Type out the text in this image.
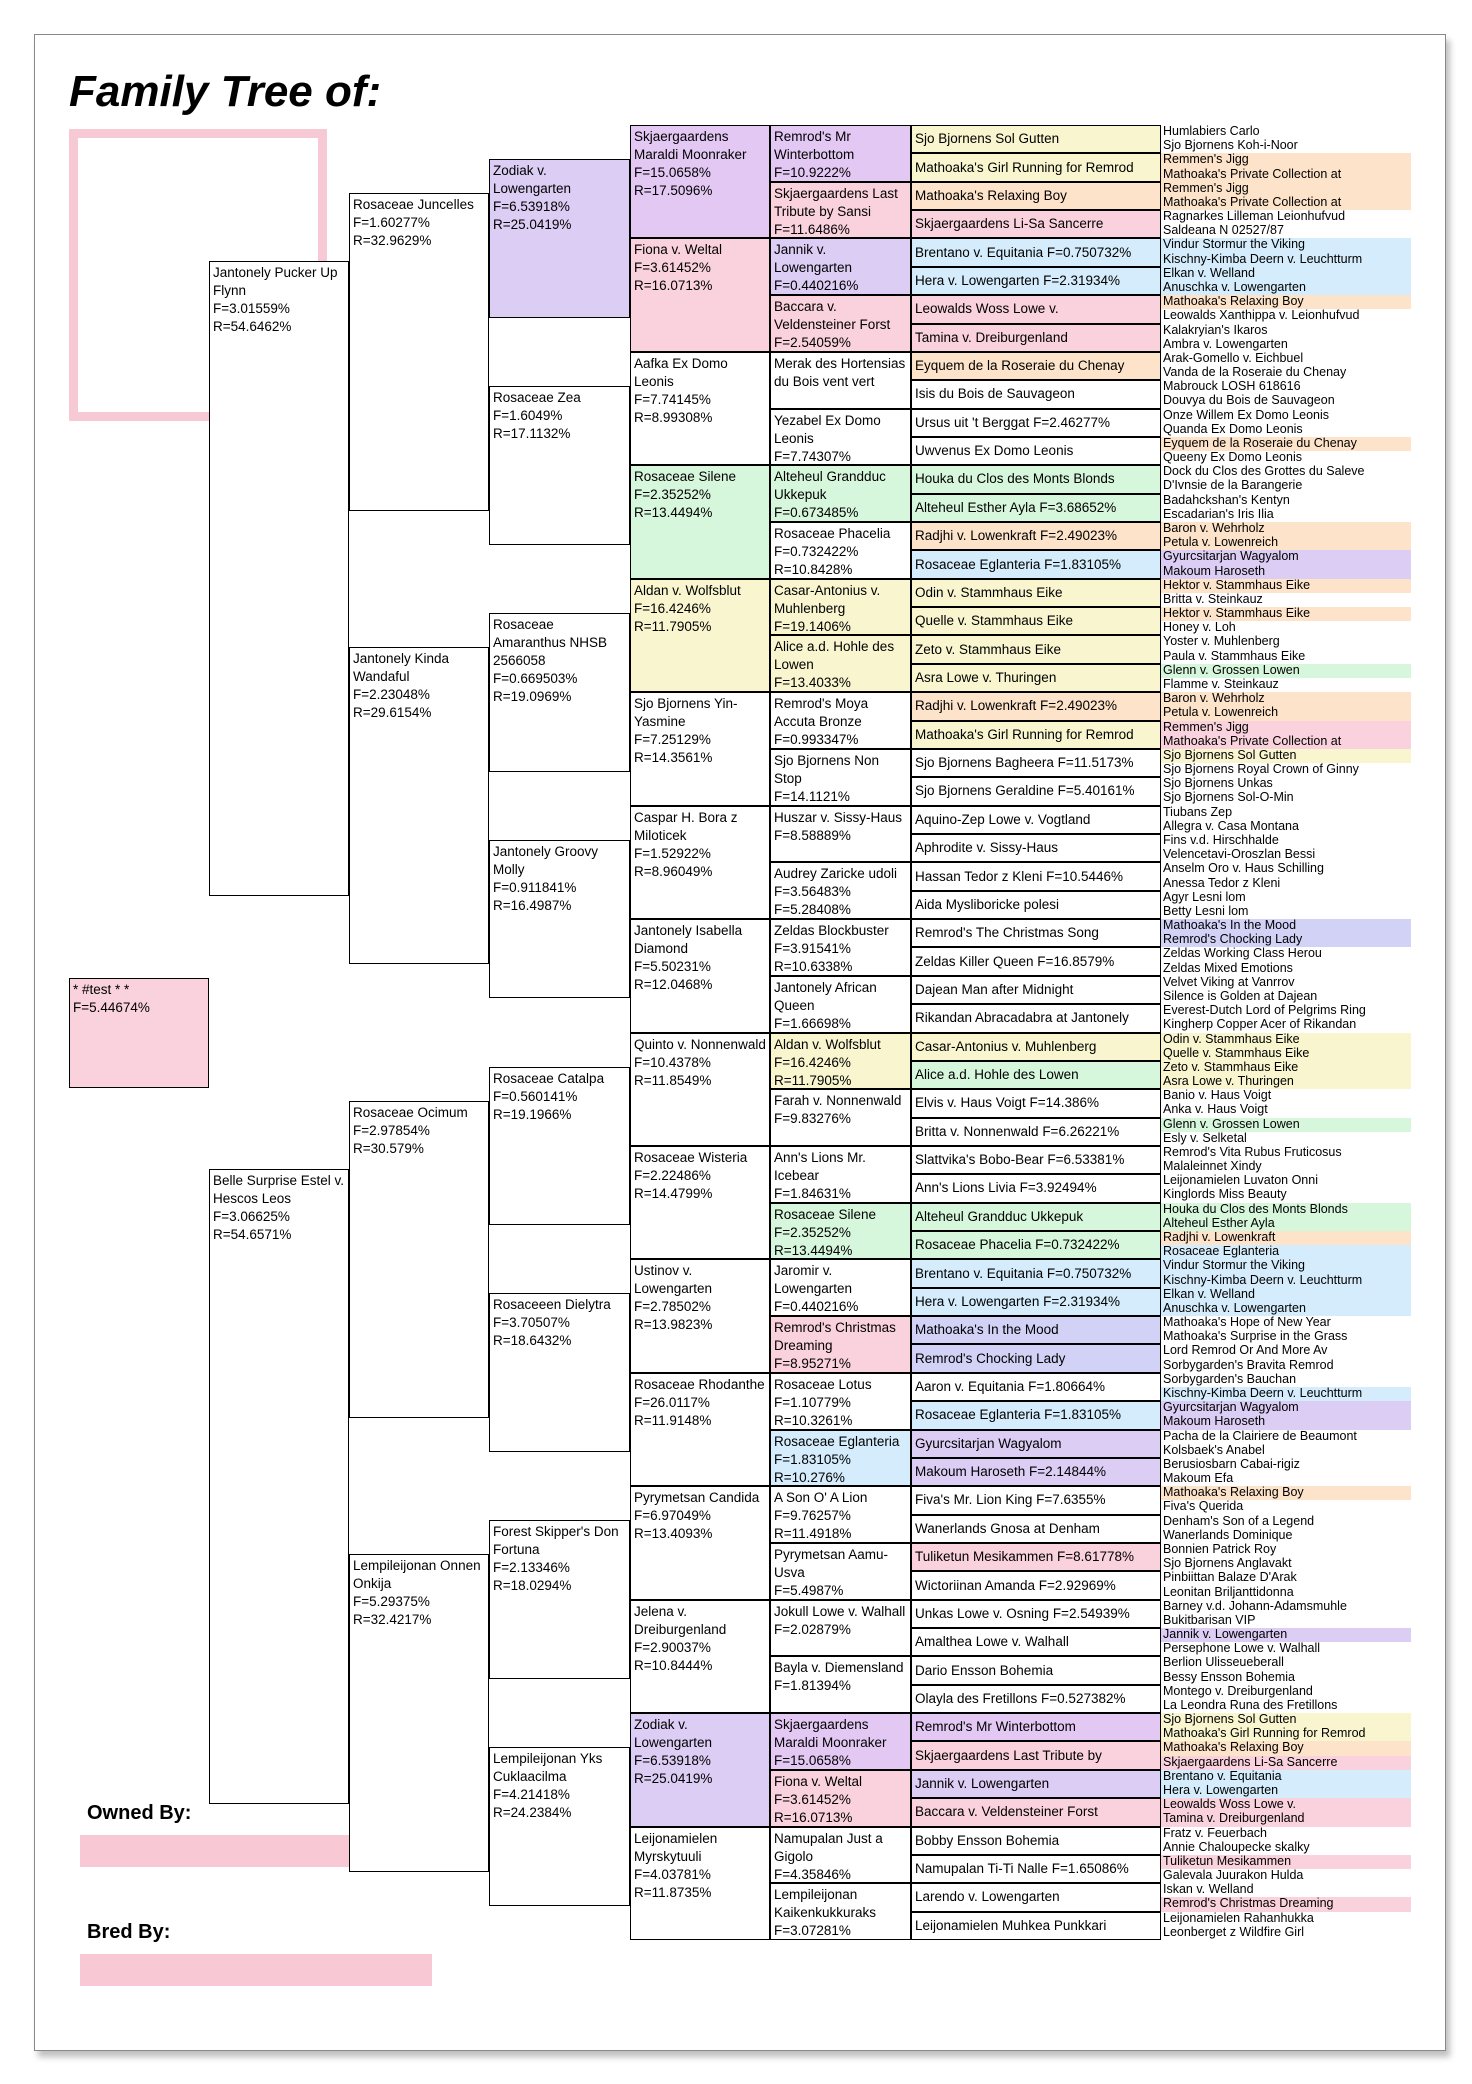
Family Tree of:

Owned By:

Bred By:

* #test * *
F=5.44674%
Jantonely Pucker Up Flynn
F=3.01559%
R=54.6462%
Belle Surprise Estel v. Hescos Leos
F=3.06625%
R=54.6571%
Rosaceae Juncelles
F=1.60277%
R=32.9629%
Jantonely Kinda Wandaful
F=2.23048%
R=29.6154%
Rosaceae Ocimum
F=2.97854%
R=30.579%
Lempileijonan Onnen Onkija
F=5.29375%
R=32.4217%
Zodiak v. Lowengarten
F=6.53918%
R=25.0419%
Rosaceae Zea
F=1.6049%
R=17.1132%
Rosaceae Amaranthus NHSB 2566058
F=0.669503%
R=19.0969%
Jantonely Groovy Molly
F=0.911841%
R=16.4987%
Rosaceae Catalpa
F=0.560141%
R=19.1966%
Rosaceeen Dielytra
F=3.70507%
R=18.6432%
Forest Skipper's Don Fortuna
F=2.13346%
R=18.0294%
Lempileijonan Yks Cuklaacilma
F=4.21418%
R=24.2384%
Skjaergaardens Maraldi Moonraker
F=15.0658%
R=17.5096%
Fiona v. Weltal
F=3.61452%
R=16.0713%
Aafka Ex Domo Leonis
F=7.74145%
R=8.99308%
Rosaceae Silene
F=2.35252%
R=13.4494%
Aldan v. Wolfsblut
F=16.4246%
R=11.7905%
Sjo Bjornens Yin-Yasmine
F=7.25129%
R=14.3561%
Caspar H. Bora z Miloticek
F=1.52922%
R=8.96049%
Jantonely Isabella Diamond
F=5.50231%
R=12.0468%
Quinto v. Nonnenwald
F=10.4378%
R=11.8549%
Rosaceae Wisteria
F=2.22486%
R=14.4799%
Ustinov v. Lowengarten
F=2.78502%
R=13.9823%
Rosaceae Rhodanthe
F=26.0117%
R=11.9148%
Pyrymetsan Candida
F=6.97049%
R=13.4093%
Jelena v. Dreiburgenland
F=2.90037%
R=10.8444%
Zodiak v. Lowengarten
F=6.53918%
R=25.0419%
Leijonamielen Myrskytuuli
F=4.03781%
R=11.8735%
Remrod's Mr Winterbottom
F=10.9222%
Skjaergaardens Last Tribute by Sansi
F=11.6486%
Jannik v. Lowengarten
F=0.440216%
Baccara v. Veldensteiner Forst
F=2.54059%
Merak des Hortensias du Bois vent vert
Yezabel Ex Domo Leonis
F=7.74307%
Alteheul Grandduc Ukkepuk
F=0.673485%
Rosaceae Phacelia
F=0.732422%
R=10.8428%
Casar-Antonius v. Muhlenberg
F=19.1406%
Alice a.d. Hohle des Lowen
F=13.4033%
Remrod's Moya Accuta Bronze
F=0.993347%
Sjo Bjornens Non Stop
F=14.1121%
Huszar v. Sissy-Haus
F=8.58889%
Audrey Zaricke udoli
F=3.56483%
F=5.28408%
Zeldas Blockbuster
F=3.91541%
R=10.6338%
Jantonely African Queen
F=1.66698%
Aldan v. Wolfsblut
F=16.4246%
R=11.7905%
Farah v. Nonnenwald
F=9.83276%
Ann's Lions Mr. Icebear
F=1.84631%
Rosaceae Silene
F=2.35252%
R=13.4494%
Jaromir v. Lowengarten
F=0.440216%
Remrod's Christmas Dreaming
F=8.95271%
Rosaceae Lotus
F=1.10779%
R=10.3261%
Rosaceae Eglanteria
F=1.83105%
R=10.276%
A Son O' A Lion
F=9.76257%
R=11.4918%
Pyrymetsan Aamu-Usva
F=5.4987%
Jokull Lowe v. Walhall
F=2.02879%
Bayla v. Diemensland
F=1.81394%
Skjaergaardens Maraldi Moonraker
F=15.0658%
Fiona v. Weltal
F=3.61452%
R=16.0713%
Namupalan Just a Gigolo
F=4.35846%
Lempileijonan Kaikenkukkuraks
F=3.07281%
Sjo Bjornens Sol Gutten
Mathoaka's Girl Running for Remrod
Mathoaka's Relaxing Boy
Skjaergaardens Li-Sa Sancerre
Brentano v. Equitania F=0.750732%
Hera v. Lowengarten F=2.31934%
Leowalds Woss Lowe v.
Tamina v. Dreiburgenland
Eyquem de la Roseraie du Chenay
Isis du Bois de Sauvageon
Ursus uit 't Berggat F=2.46277%
Uwvenus Ex Domo Leonis
Houka du Clos des Monts Blonds
Alteheul Esther Ayla F=3.68652%
Radjhi v. Lowenkraft F=2.49023%
Rosaceae Eglanteria F=1.83105%
Odin v. Stammhaus Eike
Quelle v. Stammhaus Eike
Zeto v. Stammhaus Eike
Asra Lowe v. Thuringen
Radjhi v. Lowenkraft F=2.49023%
Mathoaka's Girl Running for Remrod
Sjo Bjornens Bagheera F=11.5173%
Sjo Bjornens Geraldine F=5.40161%
Aquino-Zep Lowe v. Vogtland
Aphrodite v. Sissy-Haus
Hassan Tedor z Kleni F=10.5446%
Aida Mysliboricke polesi
Remrod's The Christmas Song
Zeldas Killer Queen F=16.8579%
Dajean Man after Midnight
Rikandan Abracadabra at Jantonely
Casar-Antonius v. Muhlenberg
Alice a.d. Hohle des Lowen
Elvis v. Haus Voigt F=14.386%
Britta v. Nonnenwald F=6.26221%
Slattvika's Bobo-Bear F=6.53381%
Ann's Lions Livia F=3.92494%
Alteheul Grandduc Ukkepuk
Rosaceae Phacelia F=0.732422%
Brentano v. Equitania F=0.750732%
Hera v. Lowengarten F=2.31934%
Mathoaka's In the Mood
Remrod's Chocking Lady
Aaron v. Equitania F=1.80664%
Rosaceae Eglanteria F=1.83105%
Gyurcsitarjan Wagyalom
Makoum Haroseth F=2.14844%
Fiva's Mr. Lion King F=7.6355%
Wanerlands Gnosa at Denham
Tuliketun Mesikammen F=8.61778%
Wictoriinan Amanda F=2.92969%
Unkas Lowe v. Osning F=2.54939%
Amalthea Lowe v. Walhall
Dario Ensson Bohemia
Olayla des Fretillons F=0.527382%
Remrod's Mr Winterbottom
Skjaergaardens Last Tribute by
Jannik v. Lowengarten
Baccara v. Veldensteiner Forst
Bobby Ensson Bohemia
Namupalan Ti-Ti Nalle F=1.65086%
Larendo v. Lowengarten
Leijonamielen Muhkea Punkkari
Humlabiers Carlo
Sjo Bjornens Koh-i-Noor
Remmen's Jigg
Mathoaka's Private Collection at
Remmen's Jigg
Mathoaka's Private Collection at
Ragnarkes Lilleman Leionhufvud
Saldeana N 02527/87
Vindur Stormur the Viking
Kischny-Kimba Deern v. Leuchtturm
Elkan v. Welland
Anuschka v. Lowengarten
Mathoaka's Relaxing Boy
Leowalds Xanthippa v. Leionhufvud
Kalakryian's Ikaros
Ambra v. Lowengarten
Arak-Gomello v. Eichbuel
Vanda de la Roseraie du Chenay
Mabrouck LOSH 618616
Douvya du Bois de Sauvageon
Onze Willem Ex Domo Leonis
Quanda Ex Domo Leonis
Eyquem de la Roseraie du Chenay
Queeny Ex Domo Leonis
Dock du Clos des Grottes du Saleve
D'Ivnsie de la Barangerie
Badahckshan's Kentyn
Escadarian's Iris Ilia
Baron v. Wehrholz
Petula v. Lowenreich
Gyurcsitarjan Wagyalom
Makoum Haroseth
Hektor v. Stammhaus Eike
Britta v. Steinkauz
Hektor v. Stammhaus Eike
Honey v. Loh
Yoster v. Muhlenberg
Paula v. Stammhaus Eike
Glenn v. Grossen Lowen
Flamme v. Steinkauz
Baron v. Wehrholz
Petula v. Lowenreich
Remmen's Jigg
Mathoaka's Private Collection at
Sjo Bjornens Sol Gutten
Sjo Bjornens Royal Crown of Ginny
Sjo Bjornens Unkas
Sjo Bjornens Sol-O-Min
Tiubans Zep
Allegra v. Casa Montana
Fins v.d. Hirschhalde
Velencetavi-Oroszlan Bessi
Anselm Oro v. Haus Schilling
Anessa Tedor z Kleni
Agyr Lesni lom
Betty Lesni lom
Mathoaka's In the Mood
Remrod's Chocking Lady
Zeldas Working Class Herou
Zeldas Mixed Emotions
Velvet Viking at Vanrrov
Silence is Golden at Dajean
Everest-Dutch Lord of Pelgrims Ring
Kingherp Copper Acer of Rikandan
Odin v. Stammhaus Eike
Quelle v. Stammhaus Eike
Zeto v. Stammhaus Eike
Asra Lowe v. Thuringen
Banio v. Haus Voigt
Anka v. Haus Voigt
Glenn v. Grossen Lowen
Esly v. Selketal
Remrod's Vita Rubus Fruticosus
Malaleinnet Xindy
Leijonamielen Luvaton Onni
Kinglords Miss Beauty
Houka du Clos des Monts Blonds
Alteheul Esther Ayla
Radjhi v. Lowenkraft
Rosaceae Eglanteria
Vindur Stormur the Viking
Kischny-Kimba Deern v. Leuchtturm
Elkan v. Welland
Anuschka v. Lowengarten
Mathoaka's Hope of New Year
Mathoaka's Surprise in the Grass
Lord Remrod Or And More Av
Sorbygarden's Bravita Remrod
Sorbygarden's Bauchan
Kischny-Kimba Deern v. Leuchtturm
Gyurcsitarjan Wagyalom
Makoum Haroseth
Pacha de la Clairiere de Beaumont
Kolsbaek's Anabel
Berusiosbarn Cabai-rigiz
Makoum Efa
Mathoaka's Relaxing Boy
Fiva's Querida
Denham's Son of a Legend
Wanerlands Dominique
Bonnien Patrick Roy
Sjo Bjornens Anglavakt
Pinbiittan Balaze D'Arak
Leonitan Briljanttidonna
Barney v.d. Johann-Adamsmuhle
Bukitbarisan VIP
Jannik v. Lowengarten
Persephone Lowe v. Walhall
Berlion Ulisseueberall
Bessy Ensson Bohemia
Montego v. Dreiburgenland
La Leondra Runa des Fretillons
Sjo Bjornens Sol Gutten
Mathoaka's Girl Running for Remrod
Mathoaka's Relaxing Boy
Skjaergaardens Li-Sa Sancerre
Brentano v. Equitania
Hera v. Lowengarten
Leowalds Woss Lowe v.
Tamina v. Dreiburgenland
Fratz v. Feuerbach
Annie Chaloupecke skalky
Tuliketun Mesikammen
Galevala Juurakon Hulda
Iskan v. Welland
Remrod's Christmas Dreaming
Leijonamielen Rahanhukka
Leonberget z Wildfire Girl
